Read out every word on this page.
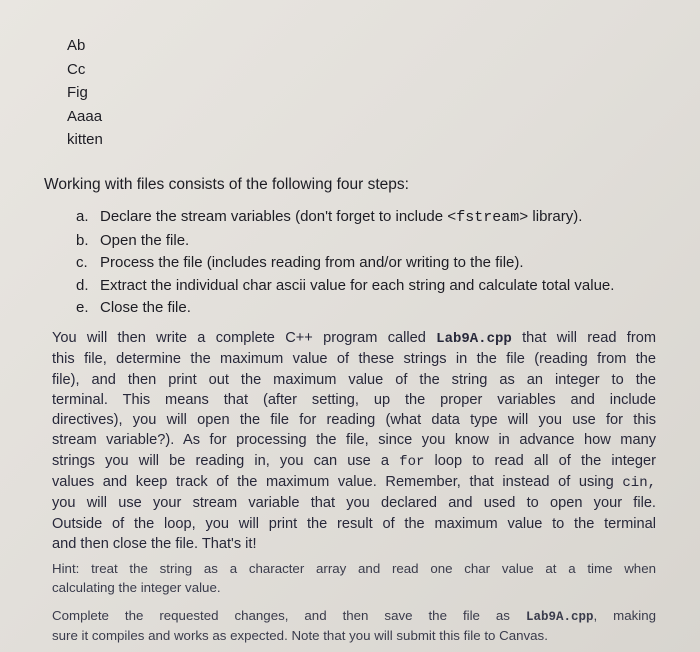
Ab
Cc
Fig
Aaaa
kitten
Working with files consists of the following four steps:
a. Declare the stream variables (don't forget to include <fstream> library).
b. Open the file.
c. Process the file (includes reading from and/or writing to the file).
d. Extract the individual char ascii value for each string and calculate total value.
e. Close the file.
You will then write a complete C++ program called Lab9A.cpp that will read from
this file, determine the maximum value of these strings in the file (reading from the
file), and then print out the maximum value of the string as an integer to the
terminal. This means that (after setting, up the proper variables and include
directives), you will open the file for reading (what data type will you use for this
stream variable?). As for processing the file, since you know in advance how many
strings you will be reading in, you can use a for loop to read all of the integer
values and keep track of the maximum value. Remember, that instead of using cin,
you will use your stream variable that you declared and used to open your file.
Outside of the loop, you will print the result of the maximum value to the terminal
and then close the file. That's it!
Hint: treat the string as a character array and read one char value at a time when
calculating the integer value.
Complete the requested changes, and then save the file as Lab9A.cpp, making
sure it compiles and works as expected. Note that you will submit this file to Canvas.
